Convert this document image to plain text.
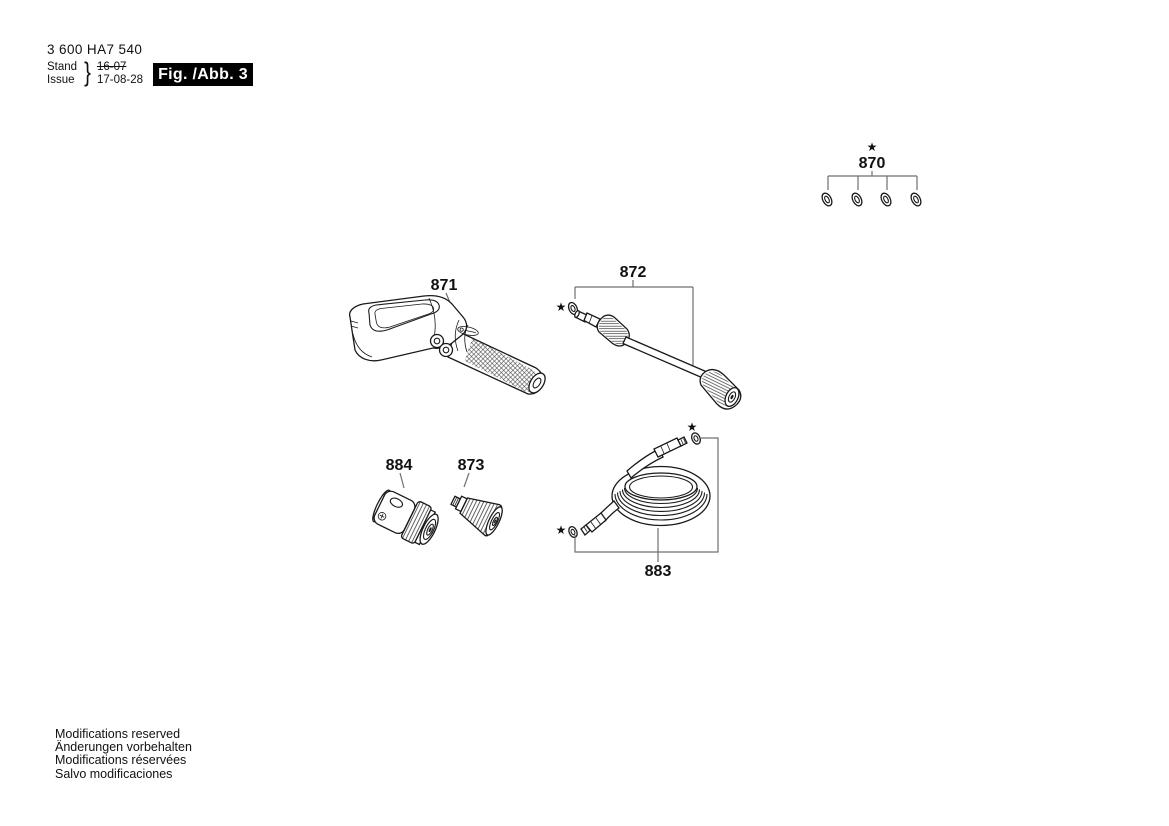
3 600 HA7 540
Stand
Issue } 16-07
17-08-28 Fig. /Abb. 3
★
870
871
872
★
884	873
★
★
883
Modifications reserved
Änderungen vorbehalten
Modifications réservées
Salvo modificaciones
